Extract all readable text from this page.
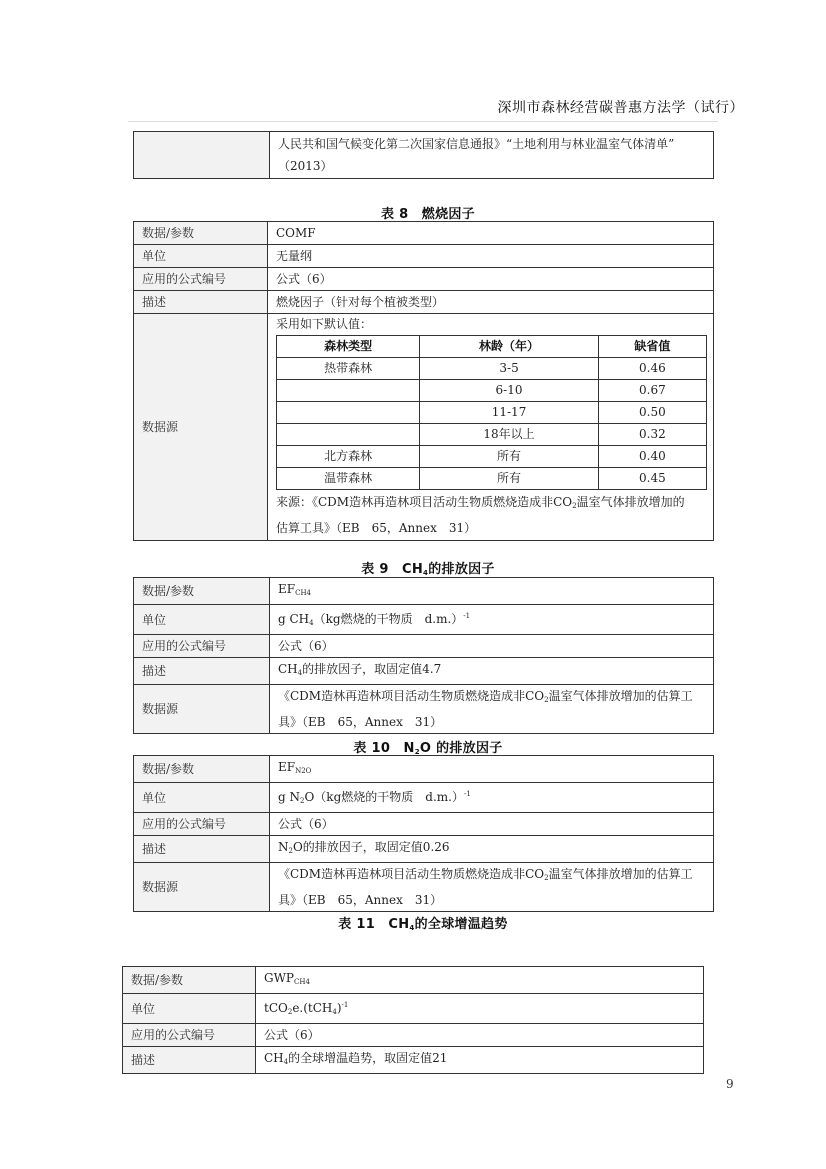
深圳市森林经营碳普惠方法学（试行）

人民共和国气候变化第二次国家信息通报》“土地利用与林业温室气体清单”
（2013）
表 8　燃烧因子
数据/参数	COMF
单位	无量纲
应用的公式编号	公式（6）
描述	燃烧因子（针对每个植被类型）
数据源	
采用如下默认值：
森林类型	林龄（年）	缺省值
热带森林	3-5	0.46
	6-10	0.67
	11-17	0.50
	18年以上	0.32
北方森林	所有	0.40
温带森林	所有	0.45
来源：《CDM造林再造林项目活动生物质燃烧造成非$CO_2$温室气体排放增加的
估算工具》（EB　65，Annex　31）
表 9　$CH_4$的排放因子
数据/参数	$EF_{CH4}$
单位	g $CH_4(kg$燃烧的干物质　d.m.）$^{-1}$
应用的公式编号	公式（6）
描述	$CH_4$的排放因子，取固定值4.7
数据源	《CDM造林再造林项目活动生物质燃烧造成非$CO_2$温室气体排放增加的估算工
具》（EB　65，Annex　31）
表 10　$N_2O$ 的排放因子
数据/参数	$EF_{N2O}$
单位	g $N_2O(kg$燃烧的干物质　d.m.）$^{-1}$
应用的公式编号	公式（6）
描述	$N_2O$的排放因子，取固定值0.26
数据源	《CDM造林再造林项目活动生物质燃烧造成非$CO_2$温室气体排放增加的估算工
具》（EB　65，Annex　31）
表 11　$CH_4$的全球增温趋势
数据/参数	$GWP_{CH4}$
单位	$tCO_2e.(tCH_4)^{-1}$
应用的公式编号	公式（6）
描述	$CH_4$的全球增温趋势，取固定值21
9
